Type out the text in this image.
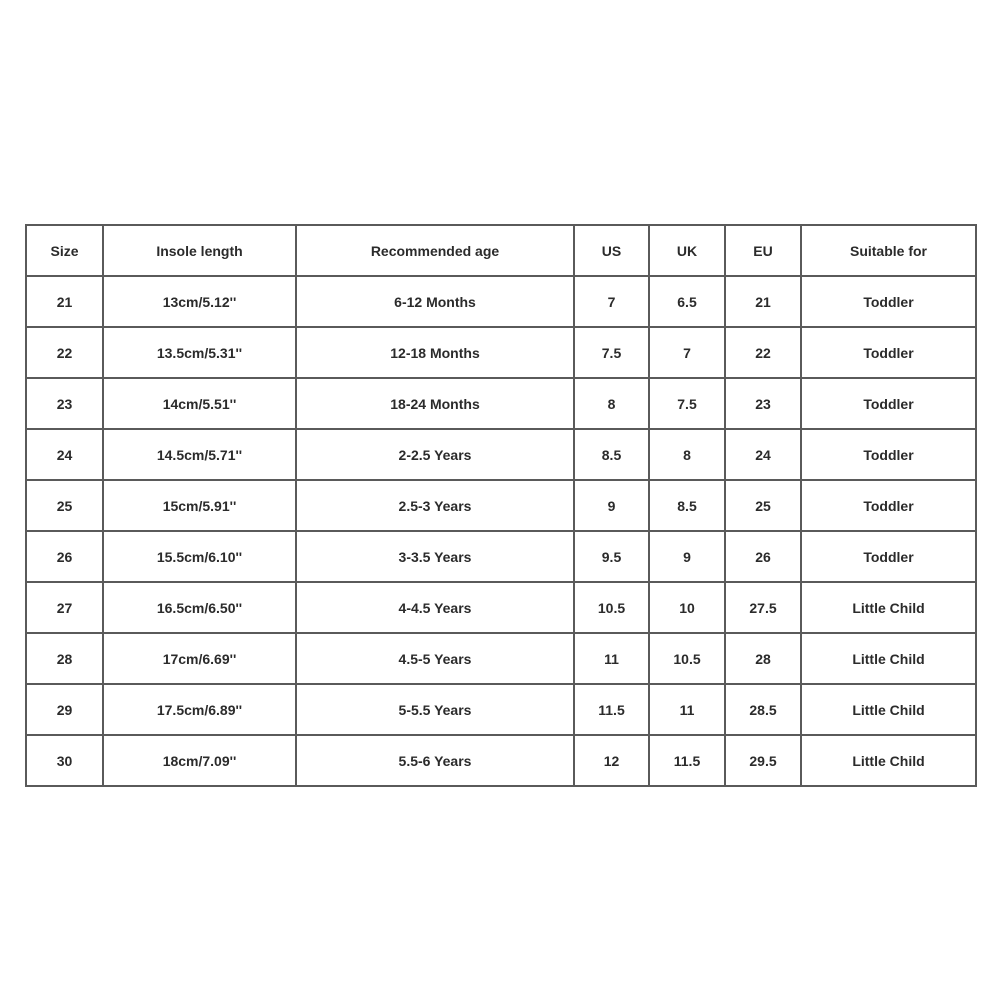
Size	Insole length	Recommended age	US	UK	EU	Suitable for
21	13cm/5.12''	6-12 Months	7	6.5	21	Toddler
22	13.5cm/5.31''	12-18 Months	7.5	7	22	Toddler
23	14cm/5.51''	18-24 Months	8	7.5	23	Toddler
24	14.5cm/5.71''	2-2.5 Years	8.5	8	24	Toddler
25	15cm/5.91''	2.5-3 Years	9	8.5	25	Toddler
26	15.5cm/6.10''	3-3.5 Years	9.5	9	26	Toddler
27	16.5cm/6.50''	4-4.5 Years	10.5	10	27.5	Little Child
28	17cm/6.69''	4.5-5 Years	11	10.5	28	Little Child
29	17.5cm/6.89''	5-5.5 Years	11.5	11	28.5	Little Child
30	18cm/7.09''	5.5-6 Years	12	11.5	29.5	Little Child
